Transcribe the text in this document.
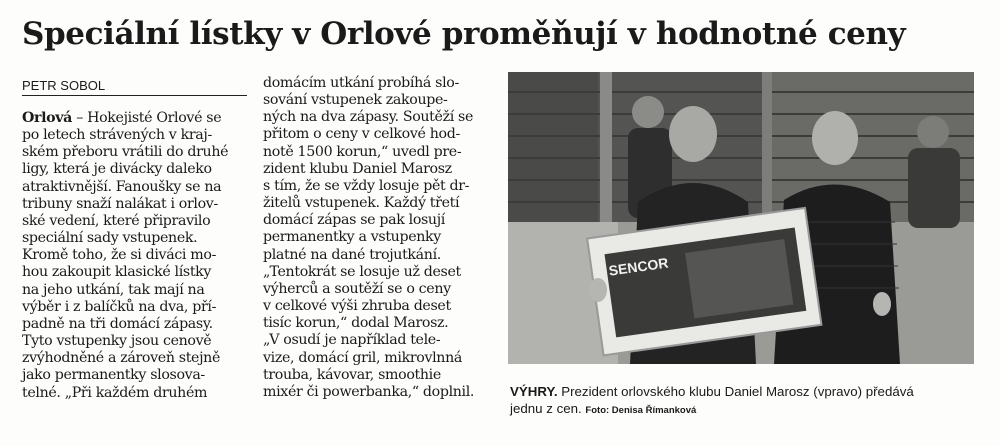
Speciální lístky v Orlové proměňují v hodnotné ceny
PETR SOBOL

Orlová – Hokejisté Orlové se

po letech strávených v kraj-

ském přeboru vrátili do druhé

ligy, která je divácky daleko

atraktivnější. Fanoušky se na

tribuny snaží nalákat i orlov-

ské vedení, které připravilo

speciální sady vstupenek.

Kromě toho, že si diváci mo-

hou zakoupit klasické lístky

na jeho utkání, tak mají na

výběr i z balíčků na dva, pří-

padně na tři domácí zápasy.

Tyto vstupenky jsou cenově

zvýhodněné a zároveň stejně

jako permanentky slosova-

telné. „Při každém druhém

domácím utkání probíhá slo-

sování vstupenek zakoupe-

ných na dva zápasy. Soutěží se

přitom o ceny v celkové hod-

notě 1500 korun,“ uvedl pre-

zident klubu Daniel Marosz

s tím, že se vždy losuje pět dr-

žitelů vstupenek. Každý třetí

domácí zápas se pak losují

permanentky a vstupenky

platné na dané trojutkání.

„Tentokrát se losuje už deset

výherců a soutěží se o ceny

v celkové výši zhruba deset

tisíc korun,“ dodal Marosz.

„V osudí je například tele-

vize, domácí gril, mikrovlnná

trouba, kávovar, smoothie

mixér či powerbanka,“ doplnil.

SENCOR

VÝHRY. Prezident orlovského klubu Daniel Marosz (vpravo) předává
jednu z cen. Foto: Denisa Římanková
